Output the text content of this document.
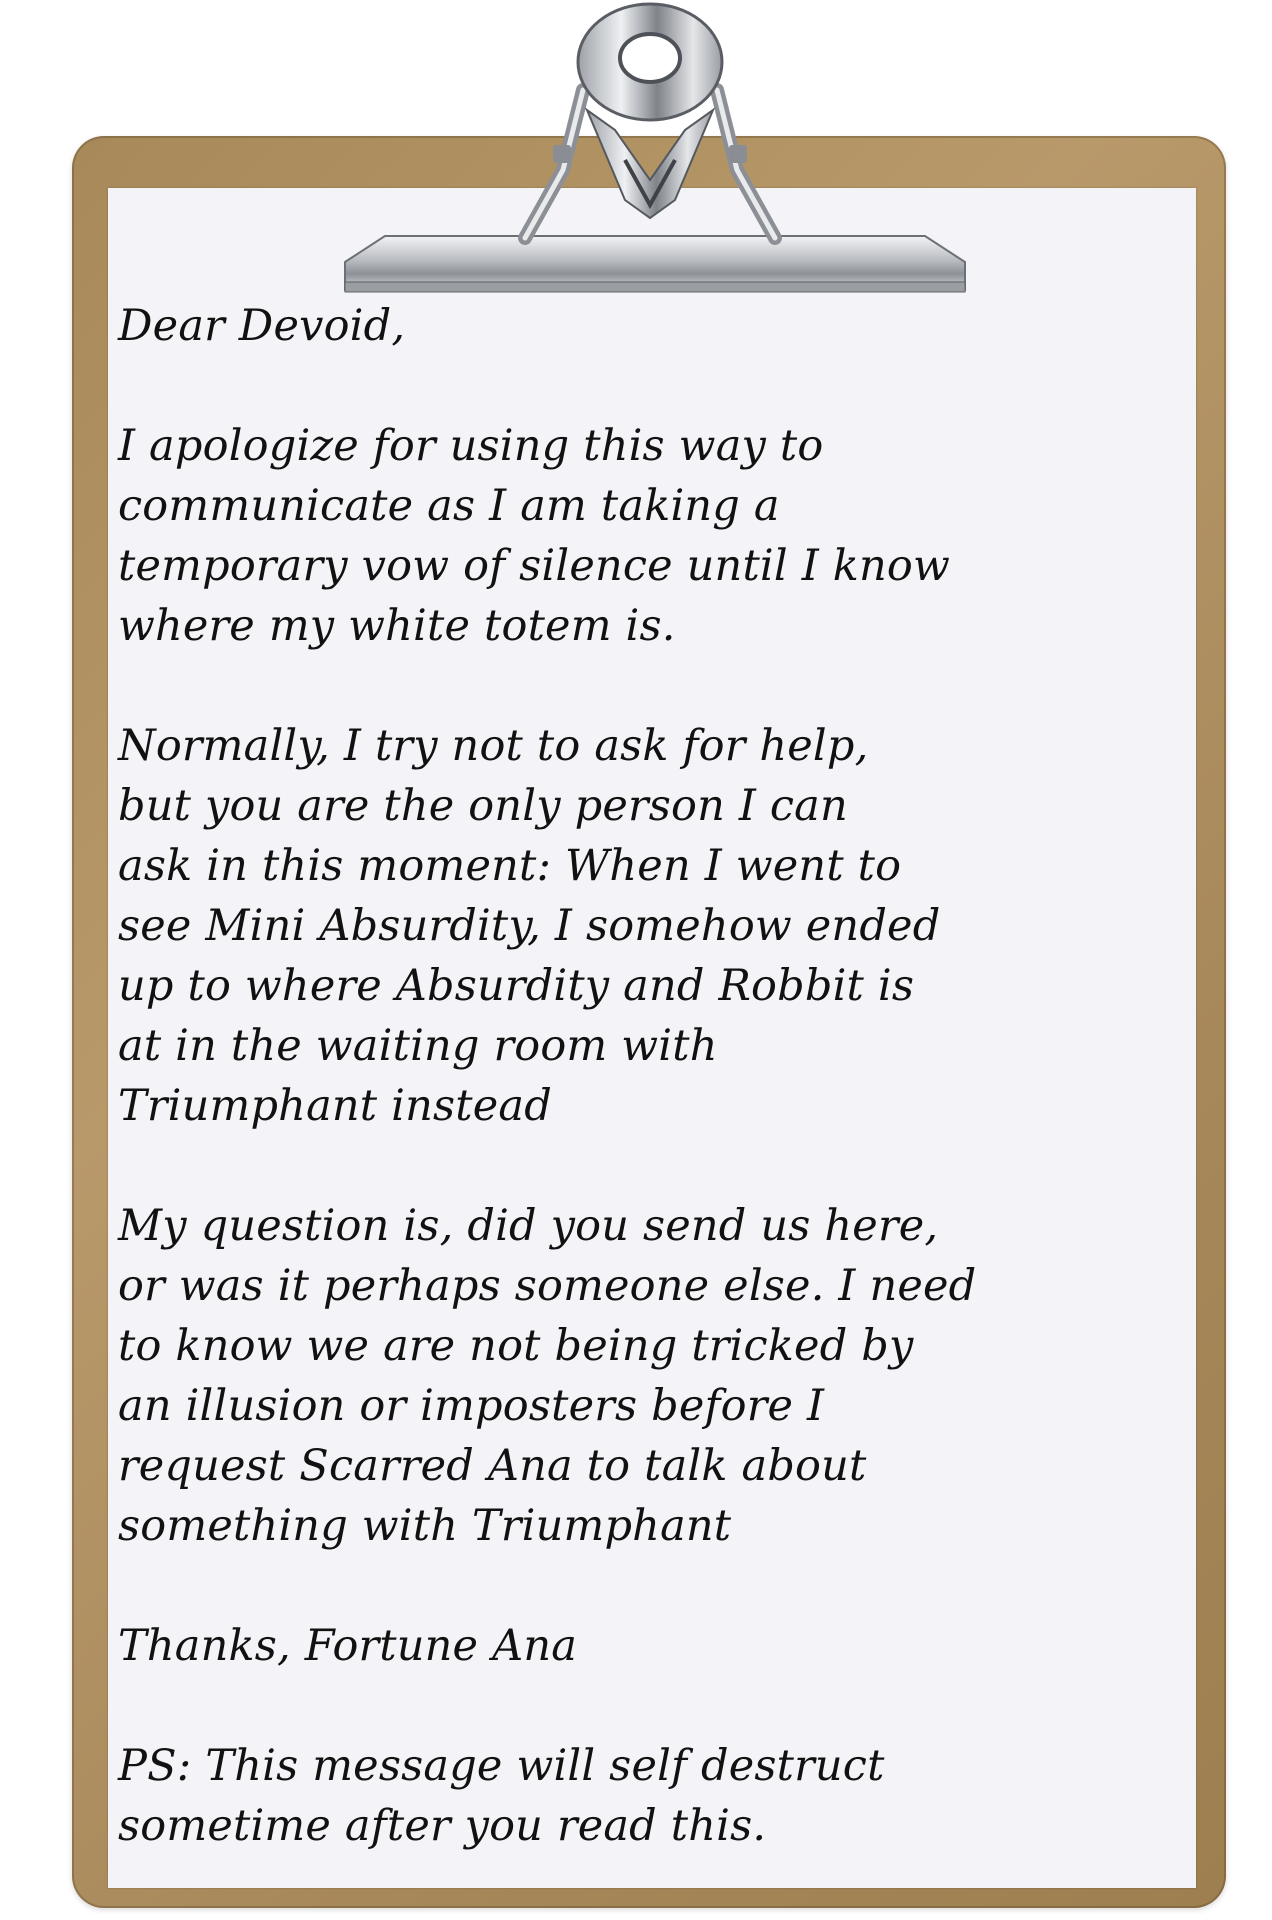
Dear Devoid,
I apologize for using this way to
communicate as I am taking a
temporary vow of silence until I know
where my white totem is.
Normally, I try not to ask for help,
but you are the only person I can
ask in this moment: When I went to
see Mini Absurdity, I somehow ended
up to where Absurdity and Robbit is
at in the waiting room with
Triumphant instead
My question is, did you send us here,
or was it perhaps someone else. I need
to know we are not being tricked by
an illusion or imposters before I
request Scarred Ana to talk about
something with Triumphant
Thanks, Fortune Ana
PS: This message will self destruct
sometime after you read this.
